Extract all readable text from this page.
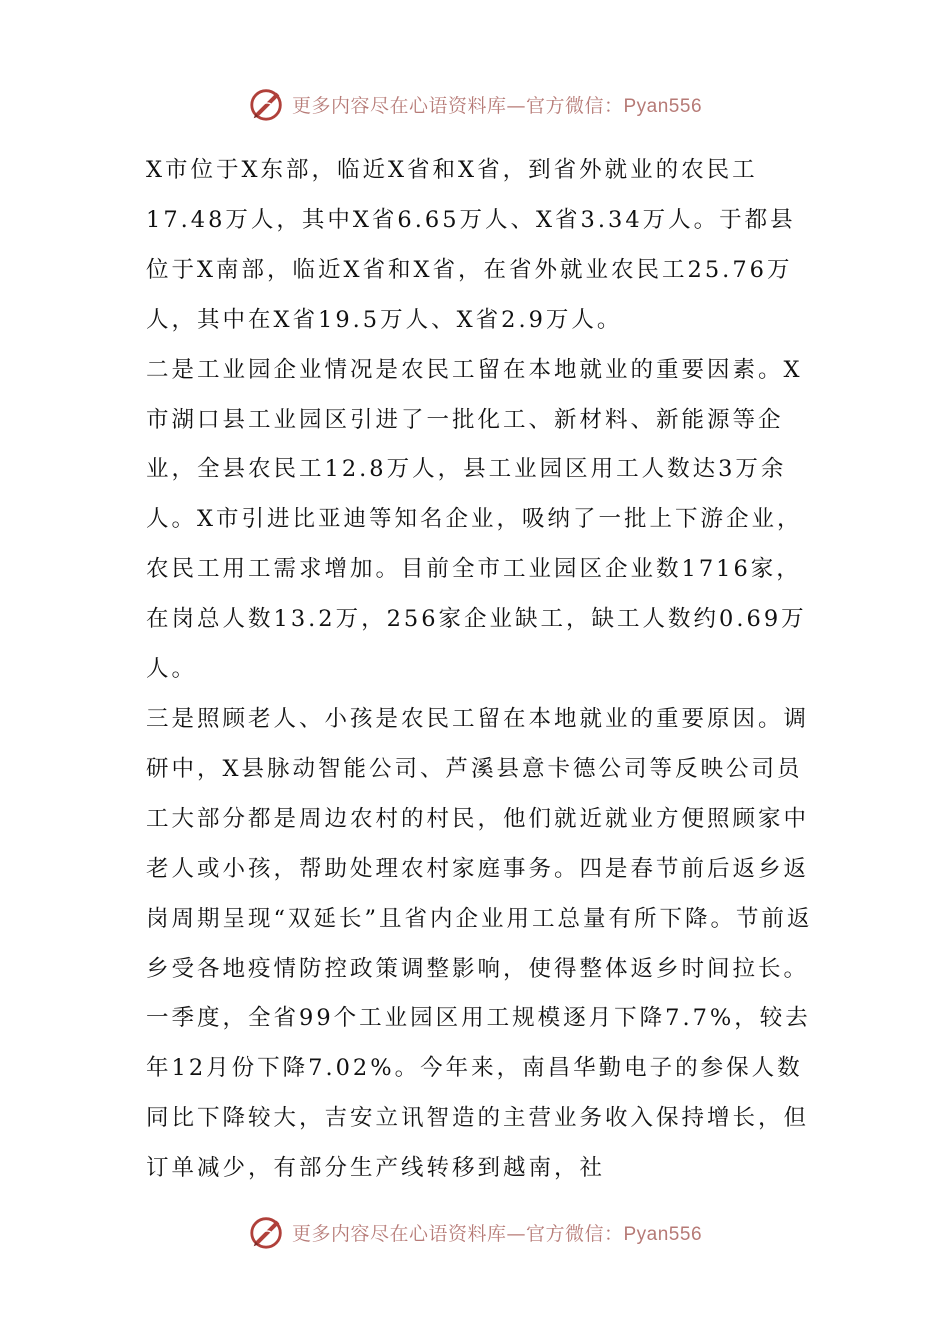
更多内容尽在心语资料库—官方微信：Pyan556

X市位于X东部，临近X省和X省，到省外就业的农民工17.48万人，其中X省6.65万人、X省3.34万人。于都县位于X南部，临近X省和X省，在省外就业农民工25.76万人，其中在X省19.5万人、X省2.9万人。

二是工业园企业情况是农民工留在本地就业的重要因素。X市湖口县工业园区引进了一批化工、新材料、新能源等企业，全县农民工12.8万人，县工业园区用工人数达3万余人。X市引进比亚迪等知名企业，吸纳了一批上下游企业，农民工用工需求增加。目前全市工业园区企业数1716家，在岗总人数13.2万，256家企业缺工，缺工人数约0.69万人。

三是照顾老人、小孩是农民工留在本地就业的重要原因。调研中，X县脉动智能公司、芦溪县意卡德公司等反映公司员工大部分都是周边农村的村民，他们就近就业方便照顾家中老人或小孩，帮助处理农村家庭事务。四是春节前后返乡返岗周期呈现“双延长”且省内企业用工总量有所下降。节前返乡受各地疫情防控政策调整影响，使得整体返乡时间拉长。一季度，全省99个工业园区用工规模逐月下降7.7%，较去年12月份下降7.02%。今年来，南昌华勤电子的参保人数同比下降较大，吉安立讯智造的主营业务收入保持增长，但订单减少，有部分生产线转移到越南，社

更多内容尽在心语资料库—官方微信：Pyan556
